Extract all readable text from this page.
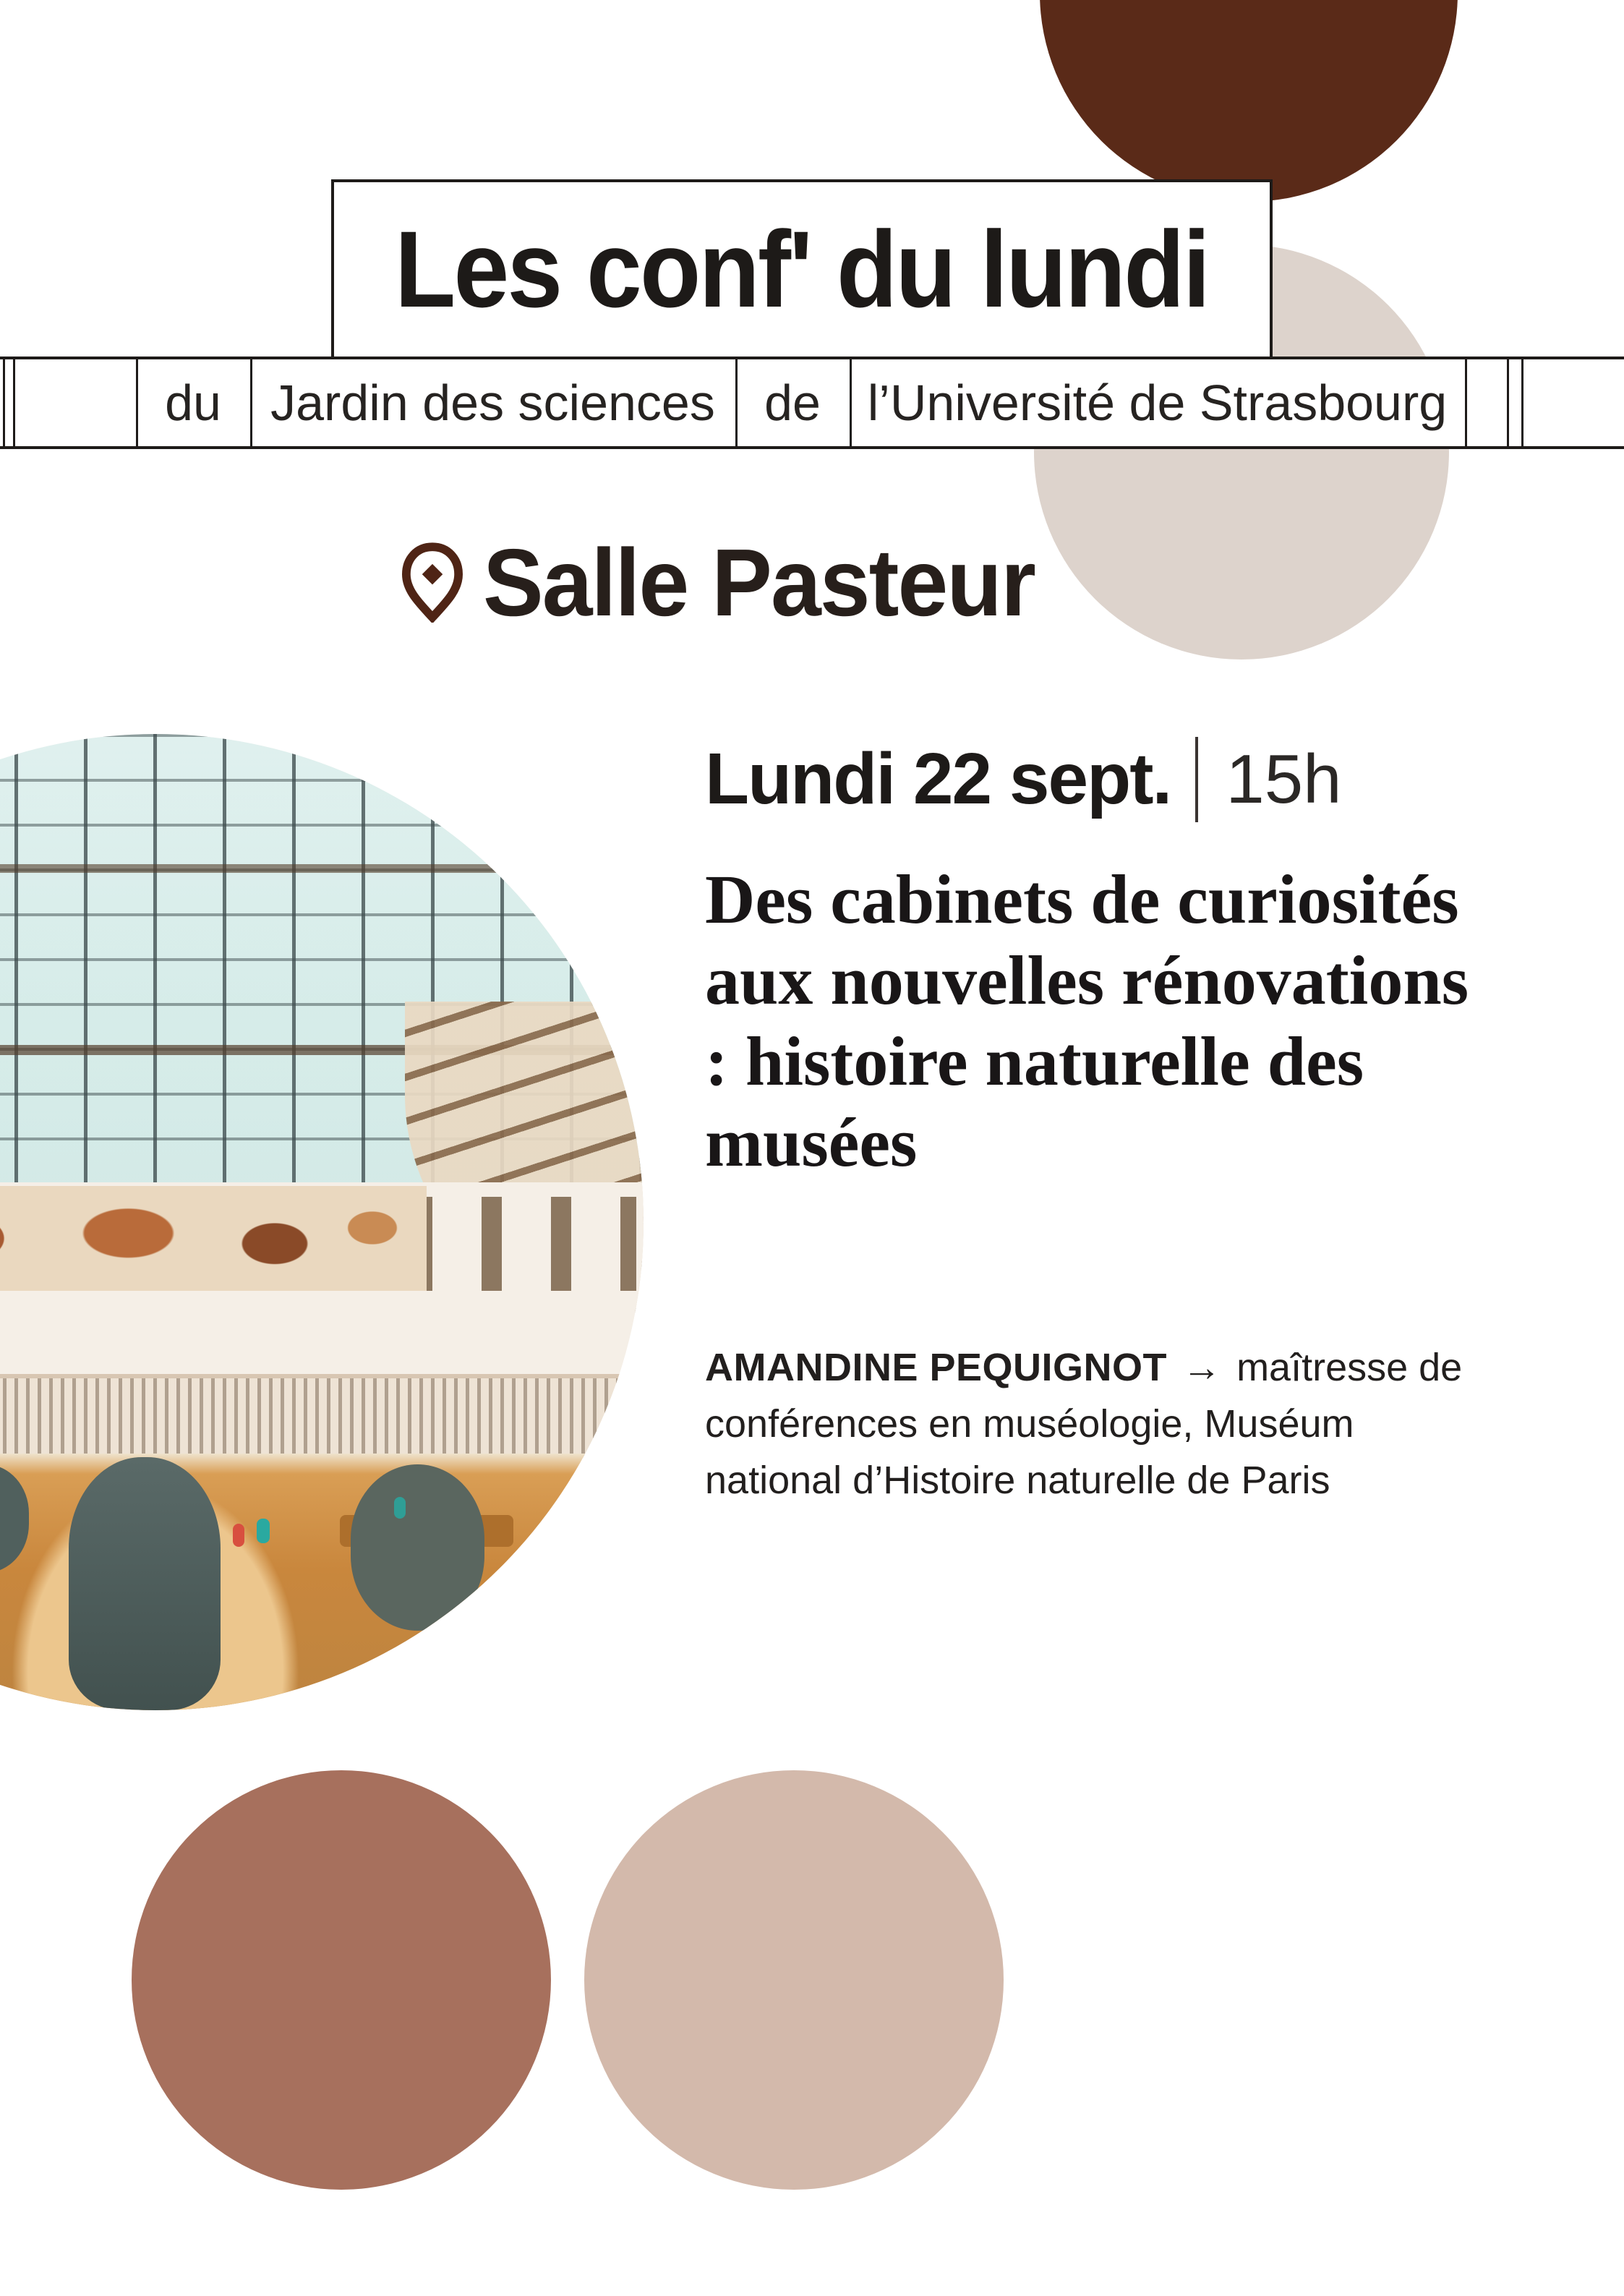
Les conf' du lundi
du Jardin des sciences de l’Université de Strasbourg
Salle Pasteur
Lundi 22 sept. 15h
Des cabinets de curiosités
aux nouvelles rénovations
: histoire naturelle des
musées
AMANDINE PEQUIGNOT → maîtresse de
conférences en muséologie, Muséum
national d’Histoire naturelle de Paris
